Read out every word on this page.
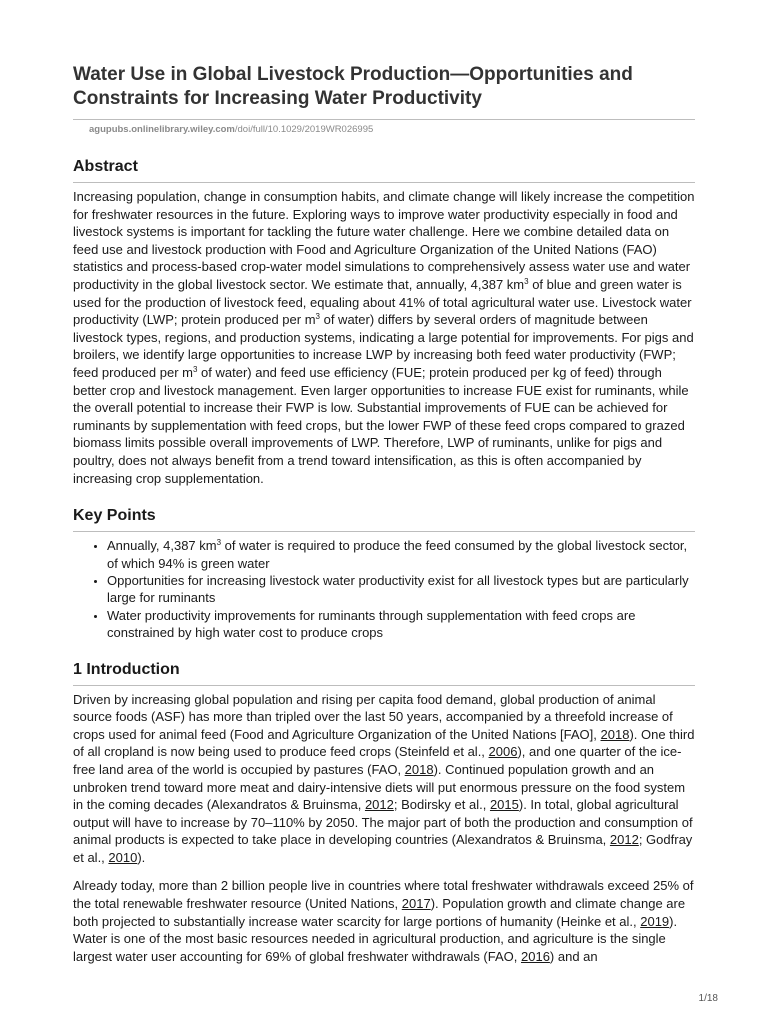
Water Use in Global Livestock Production—Opportunities and Constraints for Increasing Water Productivity
agupubs.onlinelibrary.wiley.com/doi/full/10.1029/2019WR026995
Abstract

Increasing population, change in consumption habits, and climate change will likely increase the competition for freshwater resources in the future. Exploring ways to improve water productivity especially in food and livestock systems is important for tackling the future water challenge. Here we combine detailed data on feed use and livestock production with Food and Agriculture Organization of the United Nations (FAO) statistics and process-based crop-water model simulations to comprehensively assess water use and water productivity in the global livestock sector. We estimate that, annually, 4,387 $km^3$ of blue and green water is used for the production of livestock feed, equaling about 41% of total agricultural water use. Livestock water productivity (LWP; protein produced per $m^3$ of water) differs by several orders of magnitude between livestock types, regions, and production systems, indicating a large potential for improvements. For pigs and broilers, we identify large opportunities to increase LWP by increasing both feed water productivity (FWP; feed produced per $m^3$ of water) and feed use efficiency (FUE; protein produced per kg of feed) through better crop and livestock management. Even larger opportunities to increase FUE exist for ruminants, while the overall potential to increase their FWP is low. Substantial improvements of FUE can be achieved for ruminants by supplementation with feed crops, but the lower FWP of these feed crops compared to grazed biomass limits possible overall improvements of LWP. Therefore, LWP of ruminants, unlike for pigs and poultry, does not always benefit from a trend toward intensification, as this is often accompanied by increasing crop supplementation.

Key Points
• Annually, 4,387 $km^3$ of water is required to produce the feed consumed by the global livestock sector, of which 94% is green water
• Opportunities for increasing livestock water productivity exist for all livestock types but are particularly large for ruminants
• Water productivity improvements for ruminants through supplementation with feed crops are constrained by high water cost to produce crops
1 Introduction

Driven by increasing global population and rising per capita food demand, global production of animal source foods (ASF) has more than tripled over the last 50 years, accompanied by a threefold increase of crops used for animal feed (Food and Agriculture Organization of the United Nations [FAO], 2018). One third of all cropland is now being used to produce feed crops (Steinfeld et al., 2006), and one quarter of the ice-free land area of the world is occupied by pastures (FAO, 2018). Continued population growth and an unbroken trend toward more meat and dairy-intensive diets will put enormous pressure on the food system in the coming decades (Alexandratos & Bruinsma, 2012; Bodirsky et al., 2015). In total, global agricultural output will have to increase by 70–110% by 2050. The major part of both the production and consumption of animal products is expected to take place in developing countries (Alexandratos & Bruinsma, 2012; Godfray et al., 2010).

Already today, more than 2 billion people live in countries where total freshwater withdrawals exceed 25% of the total renewable freshwater resource (United Nations, 2017). Population growth and climate change are both projected to substantially increase water scarcity for large portions of humanity (Heinke et al., 2019). Water is one of the most basic resources needed in agricultural production, and agriculture is the single largest water user accounting for 69% of global freshwater withdrawals (FAO, 2016) and an

1/18
